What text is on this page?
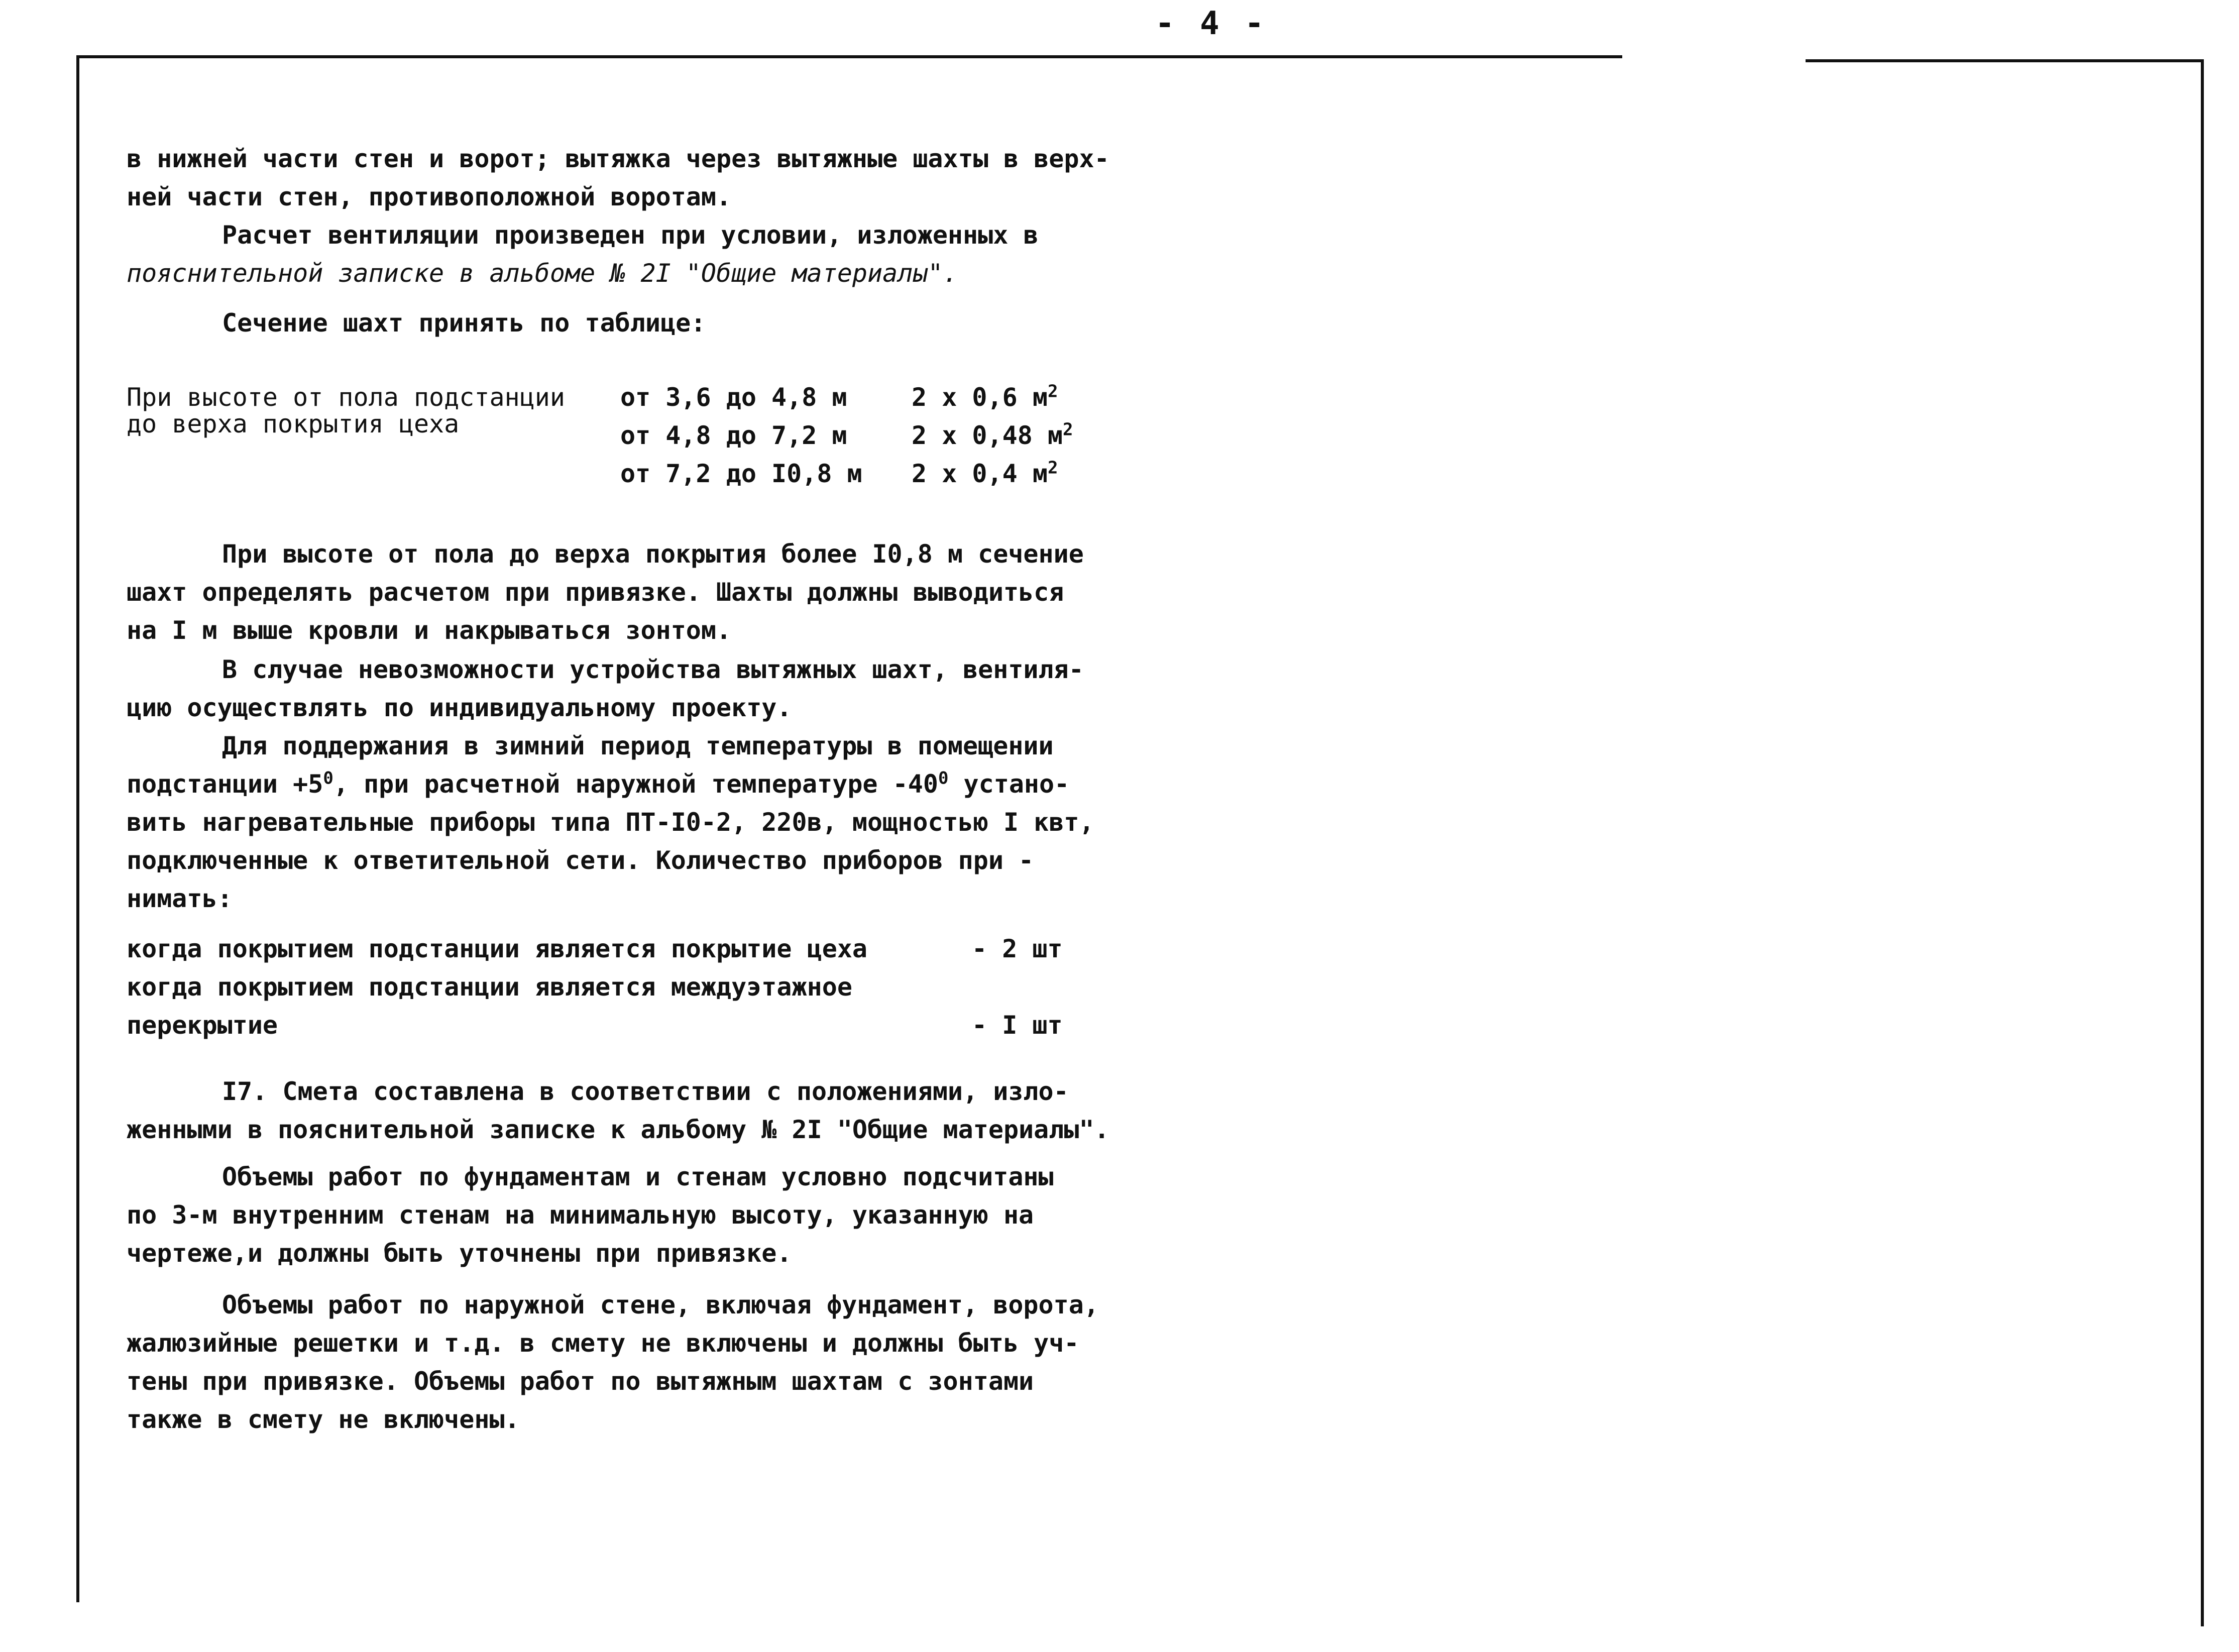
- 4 -
в нижней части стен и ворот; вытяжка через вытяжные шахты в верх-
ней части стен, противоположной воротам.
Расчет вентиляции произведен при условии, изложенных в
пояснительной записке в альбоме № 2I "Общие материалы".
Сечение шахт принять по таблице:
При высоте от пола подстанции
до верха покрытия цеха
от 3,6 до 4,8 м	2 х 0,6 $м^2$
от 4,8 до 7,2 м	2 х 0,48 $м^2$
от 7,2 до I0,8 м 2 х 0,4 $м^2$
При высоте от пола до верха покрытия более I0,8 м сечение
шахт определять расчетом при привязке. Шахты должны выводиться
на I м выше кровли и накрываться зонтом.
В случае невозможности устройства вытяжных шахт, вентиля-
цию осуществлять по индивидуальному проекту.
Для поддержания в зимний период температуры в помещении
подстанции $+5^0$, при расчетной наружной температуре $-40^0$ устано-
вить нагревательные приборы типа ПТ-I0-2, 220в, мощностью I квт,
подключенные к ответительной сети. Количество приборов при -
нимать:
когда покрытием подстанции является покрытие цеха	- 2 шт
когда покрытием подстанции является междуэтажное
перекрытие	- I шт
I7. Смета составлена в соответствии с положениями, изло-
женными в пояснительной записке к альбому № 2I "Общие материалы".
Объемы работ по фундаментам и стенам условно подсчитаны
по 3-м внутренним стенам на минимальную высоту, указанную на
чертеже,и должны быть уточнены при привязке.
Объемы работ по наружной стене, включая фундамент, ворота,
жалюзийные решетки и т.д. в смету не включены и должны быть уч-
тены при привязке. Объемы работ по вытяжным шахтам с зонтами
также в смету не включены.
